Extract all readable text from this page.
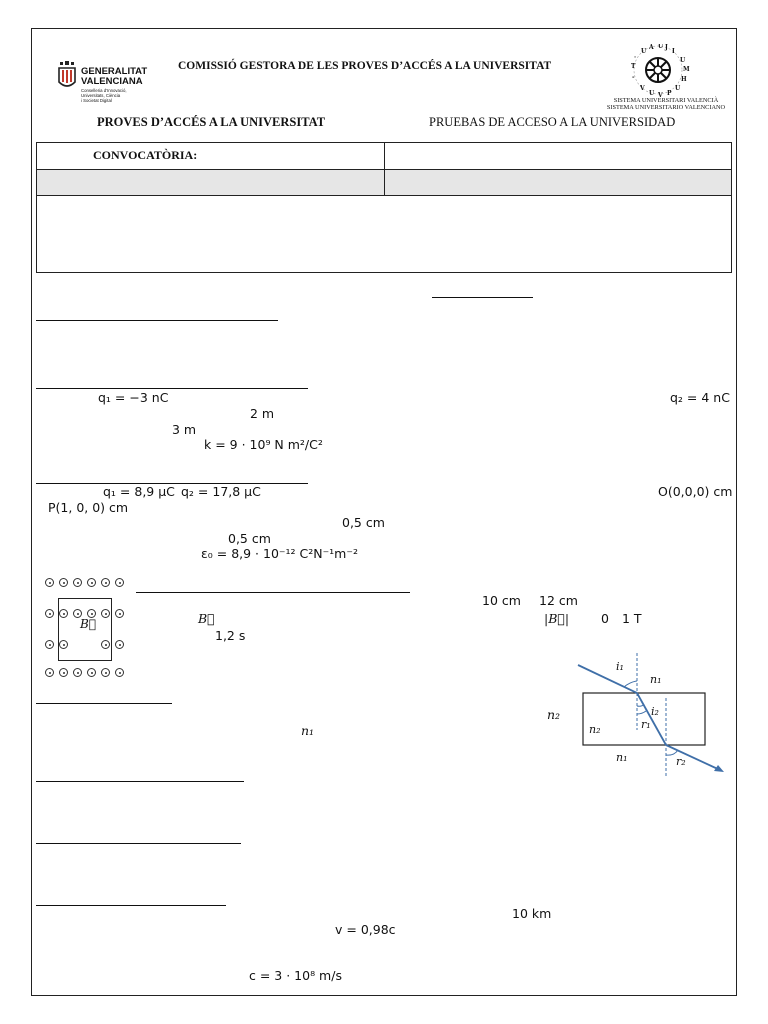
GENERALITAT
VALENCIANA
Conselleria d’Innovació,
Universitats, Ciència
i Societat Digital
COMISSIÓ GESTORA DE LES PROVES D’ACCÉS A LA UNIVERSITAT
U
A U J
I
U
M
H
U
P
V
U
V
-
T
·
SISTEMA UNIVERSITARI VALENCIÀ
SISTEMA UNIVERSITARIO VALENCIANO
PROVES D’ACCÉS A LA UNIVERSITAT	PRUEBAS DE ACCESO A LA UNIVERSIDAD
CONVOCATÒRIA:
q₁ = −3 nC	q₂ = 4 nC
2 m
3 m
k = 9 · 10⁹ N m²/C²
q₁ = 8,9 μC q₂ = 17,8 μC	O(0,0,0) cm
P(1, 0, 0) cm
0,5 cm
0,5 cm
ε₀ = 8,9 · 10⁻¹² C²N⁻¹m⁻²
B⃗
10 cm 12 cm
B⃗	|B⃗|	0 1 T
1,2 s
n₁
n₂
i₁
n₁
i₂
r₁
n₂
n₁	r₂
10 km
v = 0,98c
c = 3 · 10⁸ m/s
